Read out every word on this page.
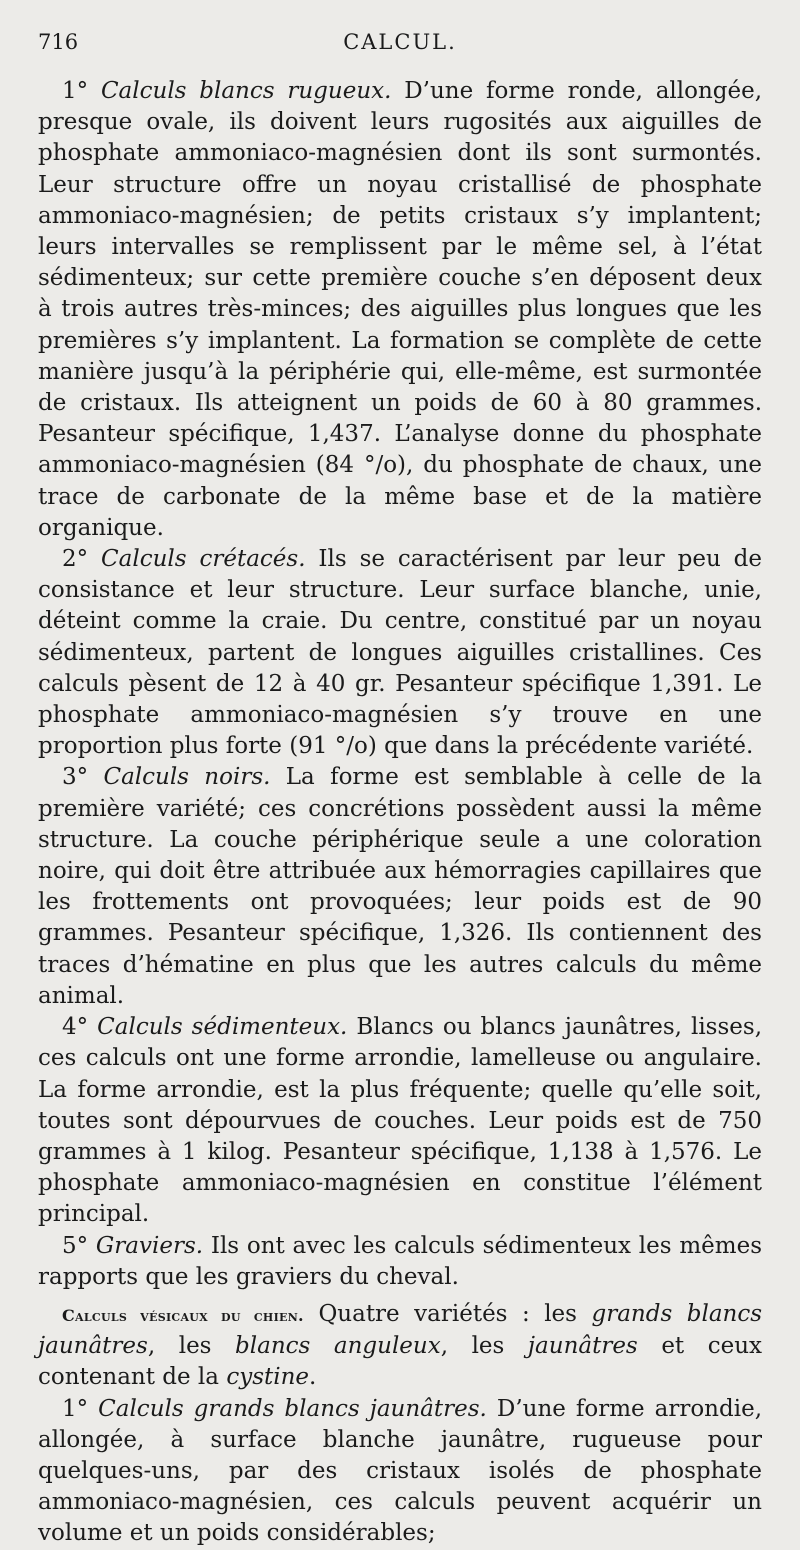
716	CALCUL.

1° Calculs blancs rugueux. D’une forme ronde, allongée, presque ovale, ils doivent leurs rugosités aux aiguilles de phosphate ammoniaco-magnésien dont ils sont surmontés. Leur structure offre un noyau cristallisé de phosphate ammoniaco-magnésien; de petits cristaux s’y implantent; leurs intervalles se remplissent par le même sel, à l’état sédimenteux; sur cette première couche s’en déposent deux à trois autres très-minces; des aiguilles plus longues que les premières s’y implantent. La formation se complète de cette manière jusqu’à la périphérie qui, elle-même, est surmontée de cristaux. Ils atteignent un poids de 60 à 80 grammes. Pesanteur spécifique, 1,437. L’analyse donne du phosphate ammoniaco-magnésien (84 °/o), du phosphate de chaux, une trace de carbonate de la même base et de la matière organique.

2° Calculs crétacés. Ils se caractérisent par leur peu de consistance et leur structure. Leur surface blanche, unie, déteint comme la craie. Du centre, constitué par un noyau sédimenteux, partent de longues aiguilles cristallines. Ces calculs pèsent de 12 à 40 gr. Pesanteur spécifique 1,391. Le phosphate ammoniaco-magnésien s’y trouve en une proportion plus forte (91 °/o) que dans la précédente variété.

3° Calculs noirs. La forme est semblable à celle de la première variété; ces concrétions possèdent aussi la même structure. La couche périphérique seule a une coloration noire, qui doit être attribuée aux hémorragies capillaires que les frottements ont provoquées; leur poids est de 90 grammes. Pesanteur spécifique, 1,326. Ils contiennent des traces d’hématine en plus que les autres calculs du même animal.

4° Calculs sédimenteux. Blancs ou blancs jaunâtres, lisses, ces calculs ont une forme arrondie, lamelleuse ou angulaire. La forme arrondie, est la plus fréquente; quelle qu’elle soit, toutes sont dépourvues de couches. Leur poids est de 750 grammes à 1 kilog. Pesanteur spécifique, 1,138 à 1,576. Le phosphate ammoniaco-magnésien en constitue l’élément principal.

5° Graviers. Ils ont avec les calculs sédimenteux les mêmes rapports que les graviers du cheval.

Calculs vésicaux du chien. Quatre variétés : les grands blancs jaunâtres, les blancs anguleux, les jaunâtres et ceux contenant de la cystine.

1° Calculs grands blancs jaunâtres. D’une forme arrondie, allongée, à surface blanche jaunâtre, rugueuse pour quelques-uns, par des cristaux isolés de phosphate ammoniaco-magnésien, ces calculs peuvent acquérir un volume et un poids considérables;
